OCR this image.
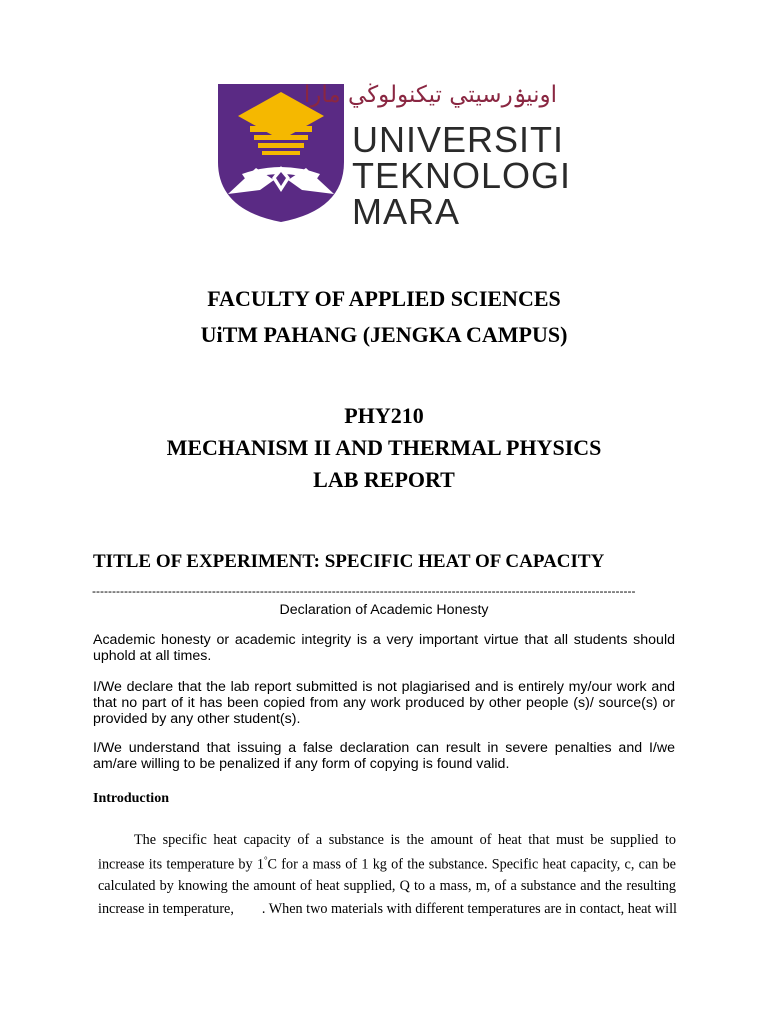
اونيۏرسيتي تيكنولوڬي مارا
UNIVERSITI
TEKNOLOGI
MARA
FACULTY OF APPLIED SCIENCES
UiTM PAHANG (JENGKA CAMPUS)
PHY210
MECHANISM II AND THERMAL PHYSICS
LAB REPORT
TITLE OF EXPERIMENT: SPECIFIC HEAT OF CAPACITY
----------------------------------------------------------------------------------------------------------------------------------------
Declaration of Academic Honesty
Academic honesty or academic integrity is a very important virtue that all students should uphold at all times.
I/We declare that the lab report submitted is not plagiarised and is entirely my/our work and that no part of it has been copied from any work produced by other people (s)/ source(s) or provided by any other student(s).
I/We understand that issuing a false declaration can result in severe penalties and I/we am/are willing to be penalized if any form of copying is found valid.
Introduction
The specific heat capacity of a substance is the amount of heat that must be supplied to
increase its temperature by 1°C for a mass of 1 kg of the substance. Specific heat capacity, c, can be
calculated by knowing the amount of heat supplied, Q to a mass, m, of a substance and the resulting
increase in temperature, . When two materials with different temperatures are in contact, heat will
